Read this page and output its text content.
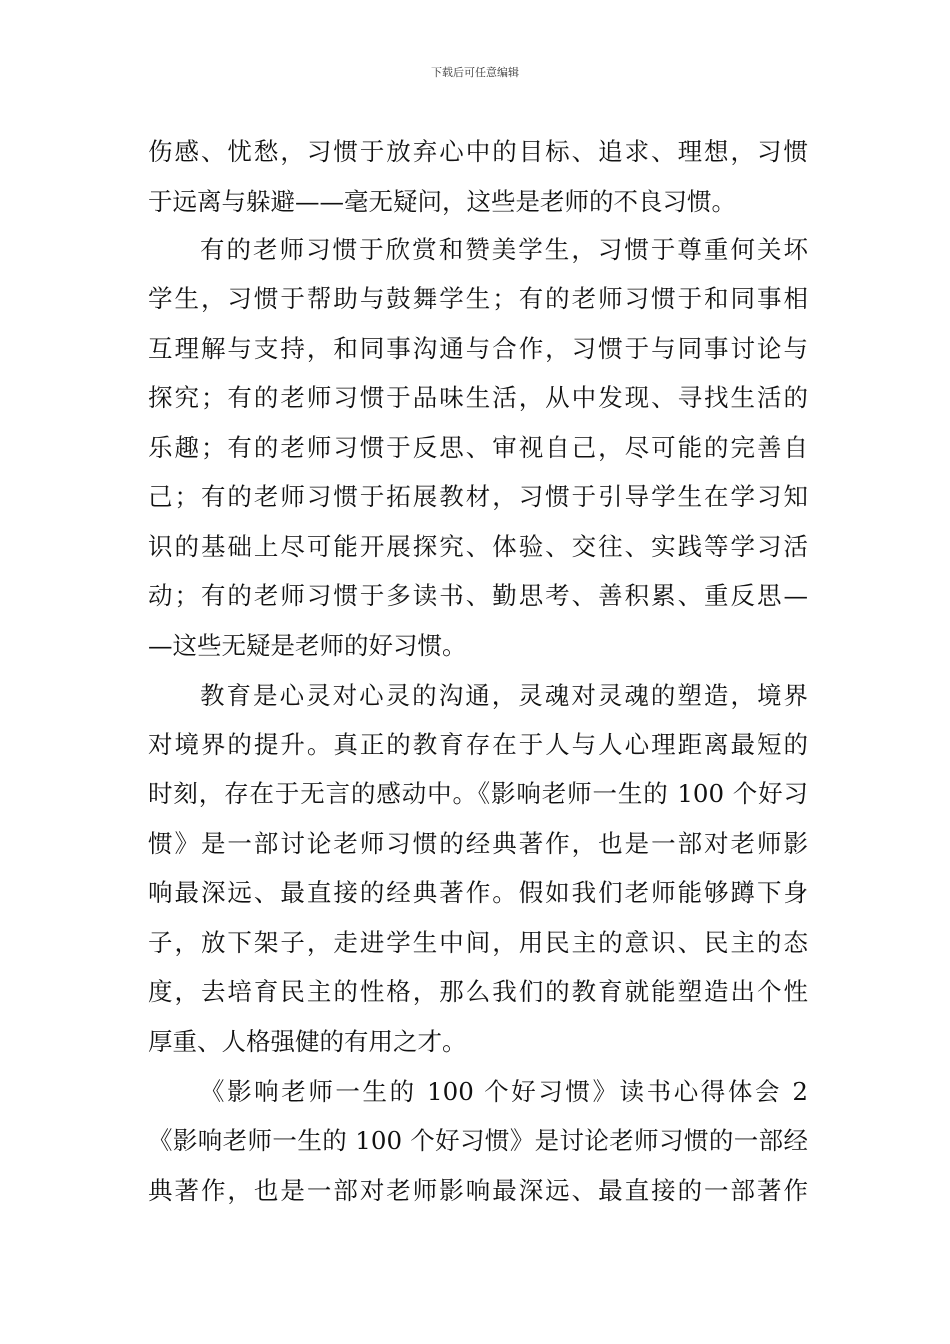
下载后可任意编辑
伤感、忧愁，习惯于放弃心中的目标、追求、理想，习惯
于远离与躲避——毫无疑问，这些是老师的不良习惯。
有的老师习惯于欣赏和赞美学生，习惯于尊重何关坏
学生，习惯于帮助与鼓舞学生；有的老师习惯于和同事相
互理解与支持，和同事沟通与合作，习惯于与同事讨论与
探究；有的老师习惯于品味生活，从中发现、寻找生活的
乐趣；有的老师习惯于反思、审视自己，尽可能的完善自
己；有的老师习惯于拓展教材，习惯于引导学生在学习知
识的基础上尽可能开展探究、体验、交往、实践等学习活
动；有的老师习惯于多读书、勤思考、善积累、重反思—
—这些无疑是老师的好习惯。
教育是心灵对心灵的沟通，灵魂对灵魂的塑造，境界
对境界的提升。真正的教育存在于人与人心理距离最短的
时刻，存在于无言的感动中。《影响老师一生的 100 个好习
惯》是一部讨论老师习惯的经典著作，也是一部对老师影
响最深远、最直接的经典著作。假如我们老师能够蹲下身
子，放下架子，走进学生中间，用民主的意识、民主的态
度，去培育民主的性格，那么我们的教育就能塑造出个性
厚重、人格强健的有用之才。
《影响老师一生的 100 个好习惯》读书心得体会 2
《影响老师一生的 100 个好习惯》是讨论老师习惯的一部经
典著作，也是一部对老师影响最深远、最直接的一部著作
